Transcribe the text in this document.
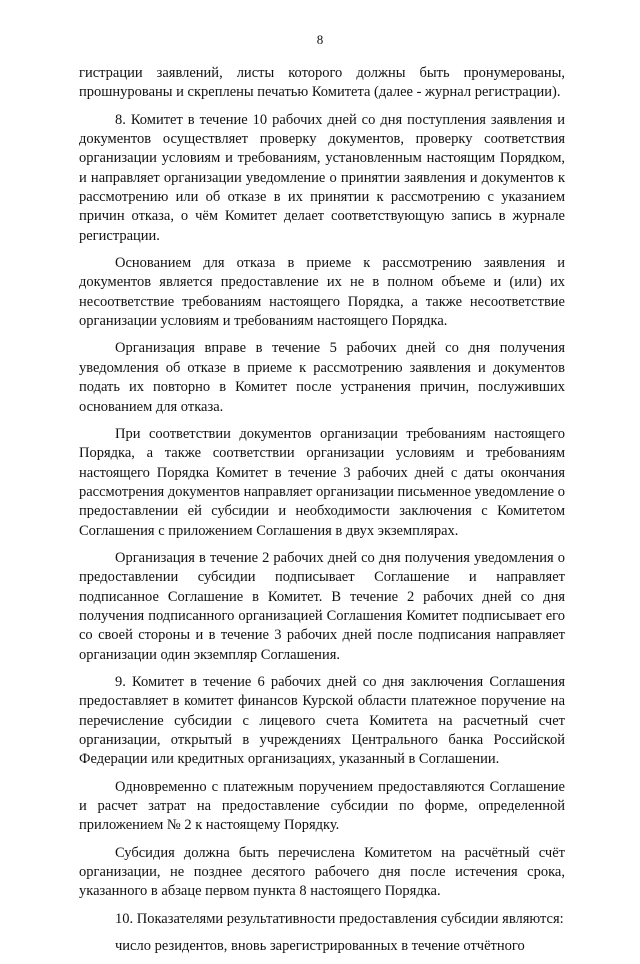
8

гистрации заявлений, листы которого должны быть пронумерованы, прошнурованы и скреплены печатью Комитета (далее - журнал регистрации).

8. Комитет в течение 10 рабочих дней со дня поступления заявления и документов осуществляет проверку документов, проверку соответствия организации условиям и требованиям, установленным настоящим Порядком, и направляет организации уведомление о принятии заявления и документов к рассмотрению или об отказе в их принятии к рассмотрению с указанием причин отказа, о чём Комитет делает соответствующую запись в журнале регистрации.

Основанием для отказа в приеме к рассмотрению заявления и документов является предоставление их не в полном объеме и (или) их несоответствие требованиям настоящего Порядка, а также несоответствие организации условиям и требованиям настоящего Порядка.

Организация вправе в течение 5 рабочих дней со дня получения уведомления об отказе в приеме к рассмотрению заявления и документов подать их повторно в Комитет после устранения причин, послуживших основанием для отказа.

При соответствии документов организации требованиям настоящего Порядка, а также соответствии организации условиям и требованиям настоящего Порядка Комитет в течение 3 рабочих дней с даты окончания рассмотрения документов направляет организации письменное уведомление о предоставлении ей субсидии и необходимости заключения с Комитетом Соглашения с приложением Соглашения в двух экземплярах.

Организация в течение 2 рабочих дней со дня получения уведомления о предоставлении субсидии подписывает Соглашение и направляет подписанное Соглашение в Комитет. В течение 2 рабочих дней со дня получения подписанного организацией Соглашения Комитет подписывает его со своей стороны и в течение 3 рабочих дней после подписания направляет организации один экземпляр Соглашения.

9. Комитет в течение 6 рабочих дней со дня заключения Соглашения предоставляет в комитет финансов Курской области платежное поручение на перечисление субсидии с лицевого счета Комитета на расчетный счет организации, открытый в учреждениях Центрального банка Российской Федерации или кредитных организациях, указанный в Соглашении.

Одновременно с платежным поручением предоставляются Соглашение и расчет затрат на предоставление субсидии по форме, определенной приложением № 2 к настоящему Порядку.

Субсидия должна быть перечислена Комитетом на расчётный счёт организации, не позднее десятого рабочего дня после истечения срока, указанного в абзаце первом пункта 8 настоящего Порядка.

10. Показателями результативности предоставления субсидии являются:

число резидентов, вновь зарегистрированных в течение отчётного
